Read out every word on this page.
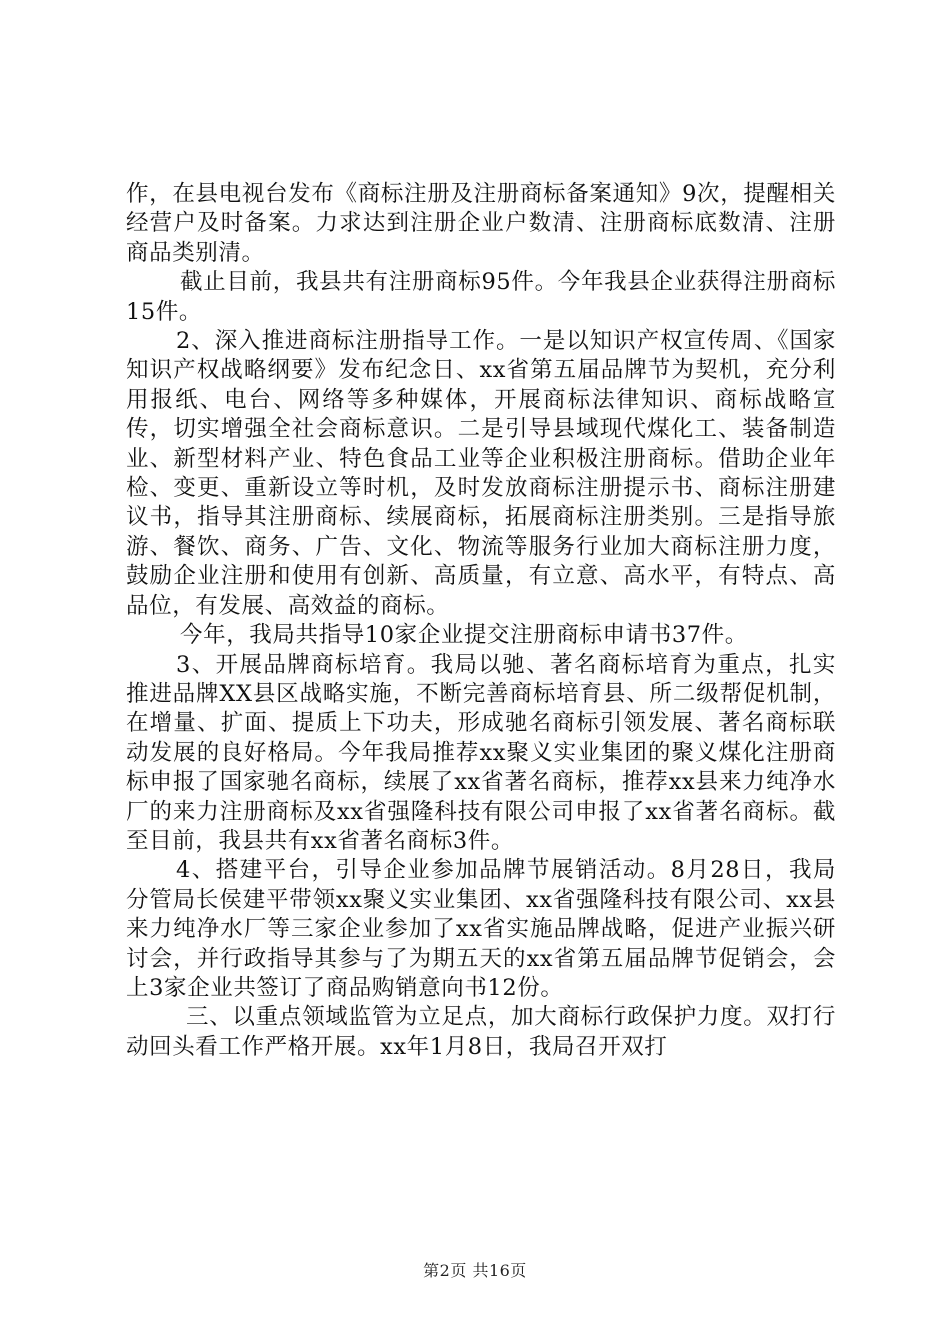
作，在县电视台发布《商标注册及注册商标备案通知》9次，提醒相关经营户及时备案。力求达到注册企业户数清、注册商标底数清、注册商品类别清。

截止目前，我县共有注册商标95件。今年我县企业获得注册商标15件。

2、深入推进商标注册指导工作。一是以知识产权宣传周、《国家知识产权战略纲要》发布纪念日、xx省第五届品牌节为契机，充分利用报纸、电台、网络等多种媒体，开展商标法律知识、商标战略宣传，切实增强全社会商标意识。二是引导县域现代煤化工、装备制造业、新型材料产业、特色食品工业等企业积极注册商标。借助企业年检、变更、重新设立等时机，及时发放商标注册提示书、商标注册建议书，指导其注册商标、续展商标，拓展商标注册类别。三是指导旅游、餐饮、商务、广告、文化、物流等服务行业加大商标注册力度，鼓励企业注册和使用有创新、高质量，有立意、高水平，有特点、高品位，有发展、高效益的商标。

今年，我局共指导10家企业提交注册商标申请书37件。

3、开展品牌商标培育。我局以驰、著名商标培育为重点，扎实推进品牌XX县区战略实施，不断完善商标培育县、所二级帮促机制，在增量、扩面、提质上下功夫，形成驰名商标引领发展、著名商标联动发展的良好格局。今年我局推荐xx聚义实业集团的聚义煤化注册商标申报了国家驰名商标，续展了xx省著名商标，推荐xx县来力纯净水厂的来力注册商标及xx省强隆科技有限公司申报了xx省著名商标。截至目前，我县共有xx省著名商标3件。

4、搭建平台，引导企业参加品牌节展销活动。8月28日，我局分管局长侯建平带领xx聚义实业集团、xx省强隆科技有限公司、xx县来力纯净水厂等三家企业参加了xx省实施品牌战略，促进产业振兴研讨会，并行政指导其参与了为期五天的xx省第五届品牌节促销会，会上3家企业共签订了商品购销意向书12份。

三、以重点领域监管为立足点，加大商标行政保护力度。双打行动回头看工作严格开展。xx年1月8日，我局召开双打

第2页 共16页
